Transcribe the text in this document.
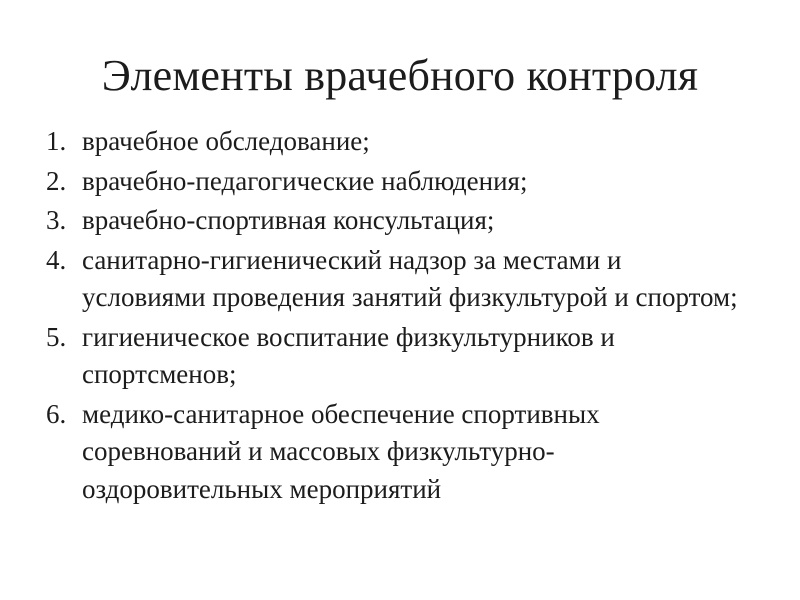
Элементы врачебного контроля
1. врачебное обследование;
2. врачебно-педагогические наблюдения;
3. врачебно-спортивная консультация;
4. санитарно-гигиенический надзор за местами и условиями проведения занятий физкультурой и спортом;
5. гигиеническое воспитание физкультурников и спортсменов;
6. медико-санитарное обеспечение спортивных соревнований и массовых физкультурно-оздоровительных мероприятий
